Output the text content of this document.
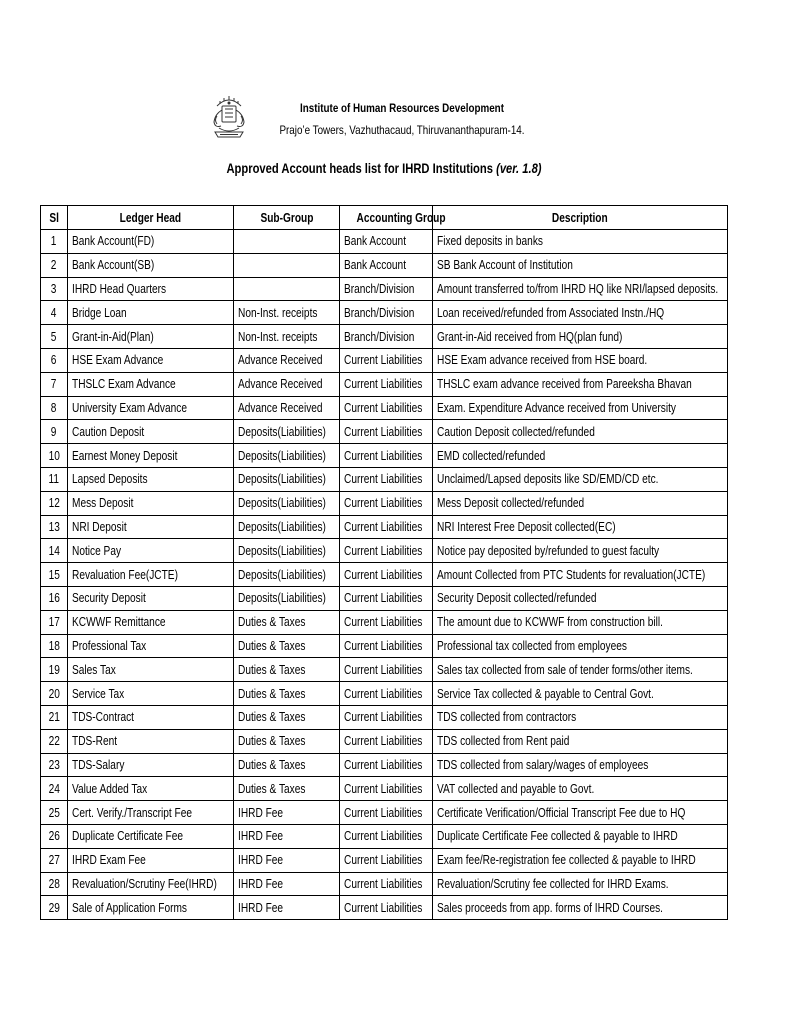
Institute of Human Resources Development
Prajo’e Towers, Vazhuthacaud, Thiruvananthapuram-14.
Approved Account heads list for IHRD Institutions (ver. 1.8)
Sl	Ledger Head	Sub-Group	Accounting Group	Description
1	Bank Account(FD)		Bank Account	Fixed deposits in banks
2	Bank Account(SB)		Bank Account	SB Bank Account of Institution
3	IHRD Head Quarters		Branch/Division	Amount transferred to/from IHRD HQ like NRI/lapsed deposits.
4	Bridge Loan	Non-Inst. receipts	Branch/Division	Loan received/refunded from Associated Instn./HQ
5	Grant-in-Aid(Plan)	Non-Inst. receipts	Branch/Division	Grant-in-Aid received from HQ(plan fund)
6	HSE Exam Advance	Advance Received	Current Liabilities	HSE Exam advance received from HSE board.
7	THSLC Exam Advance	Advance Received	Current Liabilities	THSLC exam advance received from Pareeksha Bhavan
8	University Exam Advance	Advance Received	Current Liabilities	Exam. Expenditure Advance received from University
9	Caution Deposit	Deposits(Liabilities)	Current Liabilities	Caution Deposit collected/refunded
10	Earnest Money Deposit	Deposits(Liabilities)	Current Liabilities	EMD collected/refunded
11	Lapsed Deposits	Deposits(Liabilities)	Current Liabilities	Unclaimed/Lapsed deposits like SD/EMD/CD etc.
12	Mess Deposit	Deposits(Liabilities)	Current Liabilities	Mess Deposit collected/refunded
13	NRI Deposit	Deposits(Liabilities)	Current Liabilities	NRI Interest Free Deposit collected(EC)
14	Notice Pay	Deposits(Liabilities)	Current Liabilities	Notice pay deposited by/refunded to guest faculty
15	Revaluation Fee(JCTE)	Deposits(Liabilities)	Current Liabilities	Amount Collected from PTC Students for revaluation(JCTE)
16	Security Deposit	Deposits(Liabilities)	Current Liabilities	Security Deposit collected/refunded
17	KCWWF Remittance	Duties & Taxes	Current Liabilities	The amount due to KCWWF from construction bill.
18	Professional Tax	Duties & Taxes	Current Liabilities	Professional tax collected from employees
19	Sales Tax	Duties & Taxes	Current Liabilities	Sales tax collected from sale of tender forms/other items.
20	Service Tax	Duties & Taxes	Current Liabilities	Service Tax collected & payable to Central Govt.
21	TDS-Contract	Duties & Taxes	Current Liabilities	TDS collected from contractors
22	TDS-Rent	Duties & Taxes	Current Liabilities	TDS collected from Rent paid
23	TDS-Salary	Duties & Taxes	Current Liabilities	TDS collected from salary/wages of employees
24	Value Added Tax	Duties & Taxes	Current Liabilities	VAT collected and payable to Govt.
25	Cert. Verify./Transcript Fee	IHRD Fee	Current Liabilities	Certificate Verification/Official Transcript Fee due to HQ
26	Duplicate Certificate Fee	IHRD Fee	Current Liabilities	Duplicate Certificate Fee collected & payable to IHRD
27	IHRD Exam Fee	IHRD Fee	Current Liabilities	Exam fee/Re-registration fee collected & payable to IHRD
28	Revaluation/Scrutiny Fee(IHRD)	IHRD Fee	Current Liabilities	Revaluation/Scrutiny fee collected for IHRD Exams.
29	Sale of Application Forms	IHRD Fee	Current Liabilities	Sales proceeds from app. forms of IHRD Courses.
